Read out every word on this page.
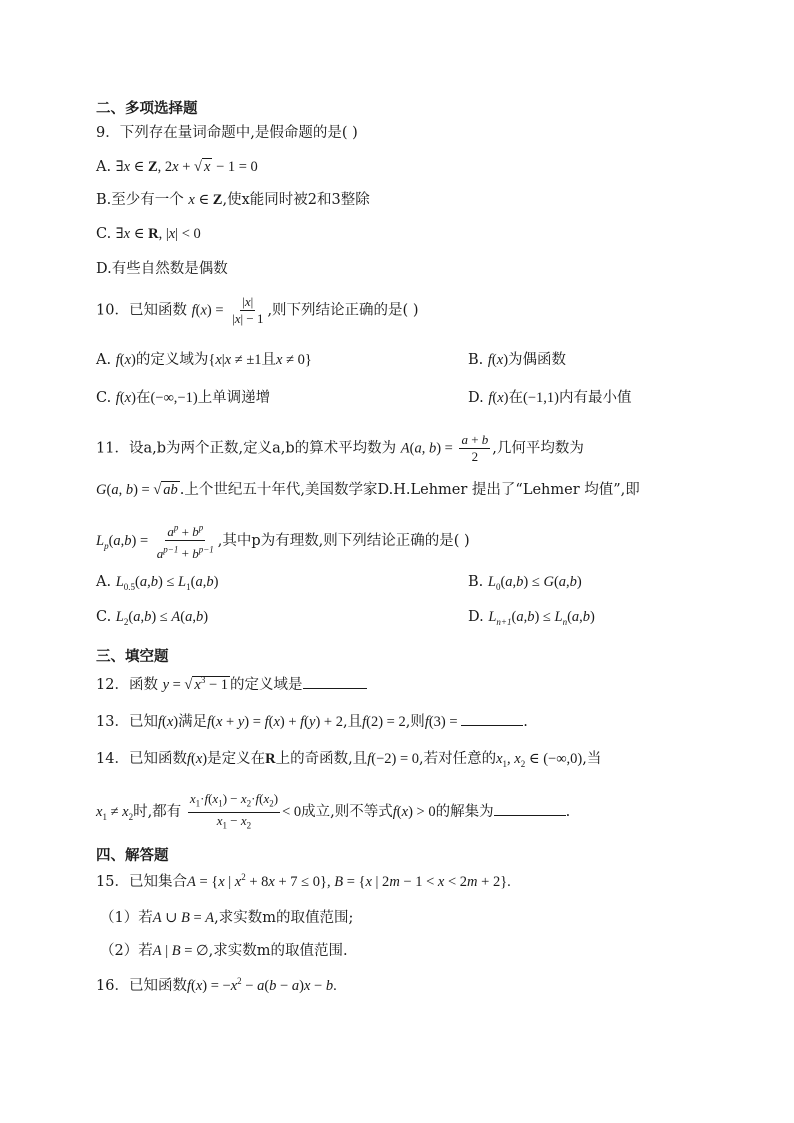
二、多项选择题
9．下列存在量词命题中,是假命题的是( )
A. ∃x ∈ Z, 2x + √ x − 1 = 0
B.至少有一个 x ∈ Z,使x能同时被2和3整除
C. ∃x ∈ R, |x| < 0
D.有些自然数是偶数
10．已知函数 $f(x) = \frac{|x|}{|x| - 1}$ ,则下列结论正确的是( )
A. f(x)的定义域为{x|x ≠ ±1且x ≠ 0}	B. f(x)为偶函数
C. f(x)在(−∞,−1)上单调递增	D. f(x)在(−1,1)内有最小值
11．设a,b为两个正数,定义a,b的算术平均数为 A(a, $b) = \frac{a + b}{2}$ ,几何平均数为
G(a, b) = √ ab .上个世纪五十年代,美国数学家D.H.Lehmer 提出了“Lehmer 均值”,即
$L_p(a,b) = \frac{a^p + b^p}{a^{p-1} + b^{p-1}}$ ,其中p为有理数,则下列结论正确的是( )
A. $L_{0.5}(a,b) \le L_1(a,b)$	B. $L_0(a,b) \le G(a,b)$
C. $L_2(a,b) \le A(a,b)$	D. $L_{n+1}(a,b) \le L_n(a,b)$
三、填空题
12．函数 y = √ $x^3 - 1$ 的定义域是
13．已知f(x)满足f(x + y) = f(x) + f(y) + 2,且f(2) = 2,则f(3) =	.
14．已知函数f(x)是定义在R上的奇函数,且f(−2) = 0,若对任意的$x_1$, $x_2$ ∈ (−∞,0),当
$x_1 \ne x_2$时,都有 $\frac{x_1\cdot f(x_1) - x_2\cdot f(x_2)}{x_1 - x_2} < 0$成立,则不等式f(x) > 0的解集为	.
四、解答题
15．已知集合A = {x | $x^2 + 8x + 7 \le 0$}, B = {x | 2m − 1 < x < 2m + 2}.
（1）若A ∪ B = A,求实数m的取值范围;
（2）若A | B = ∅,求实数m的取值范围.
16．已知函数$f(x) = -x^2 - a(b - a)x - b$.
